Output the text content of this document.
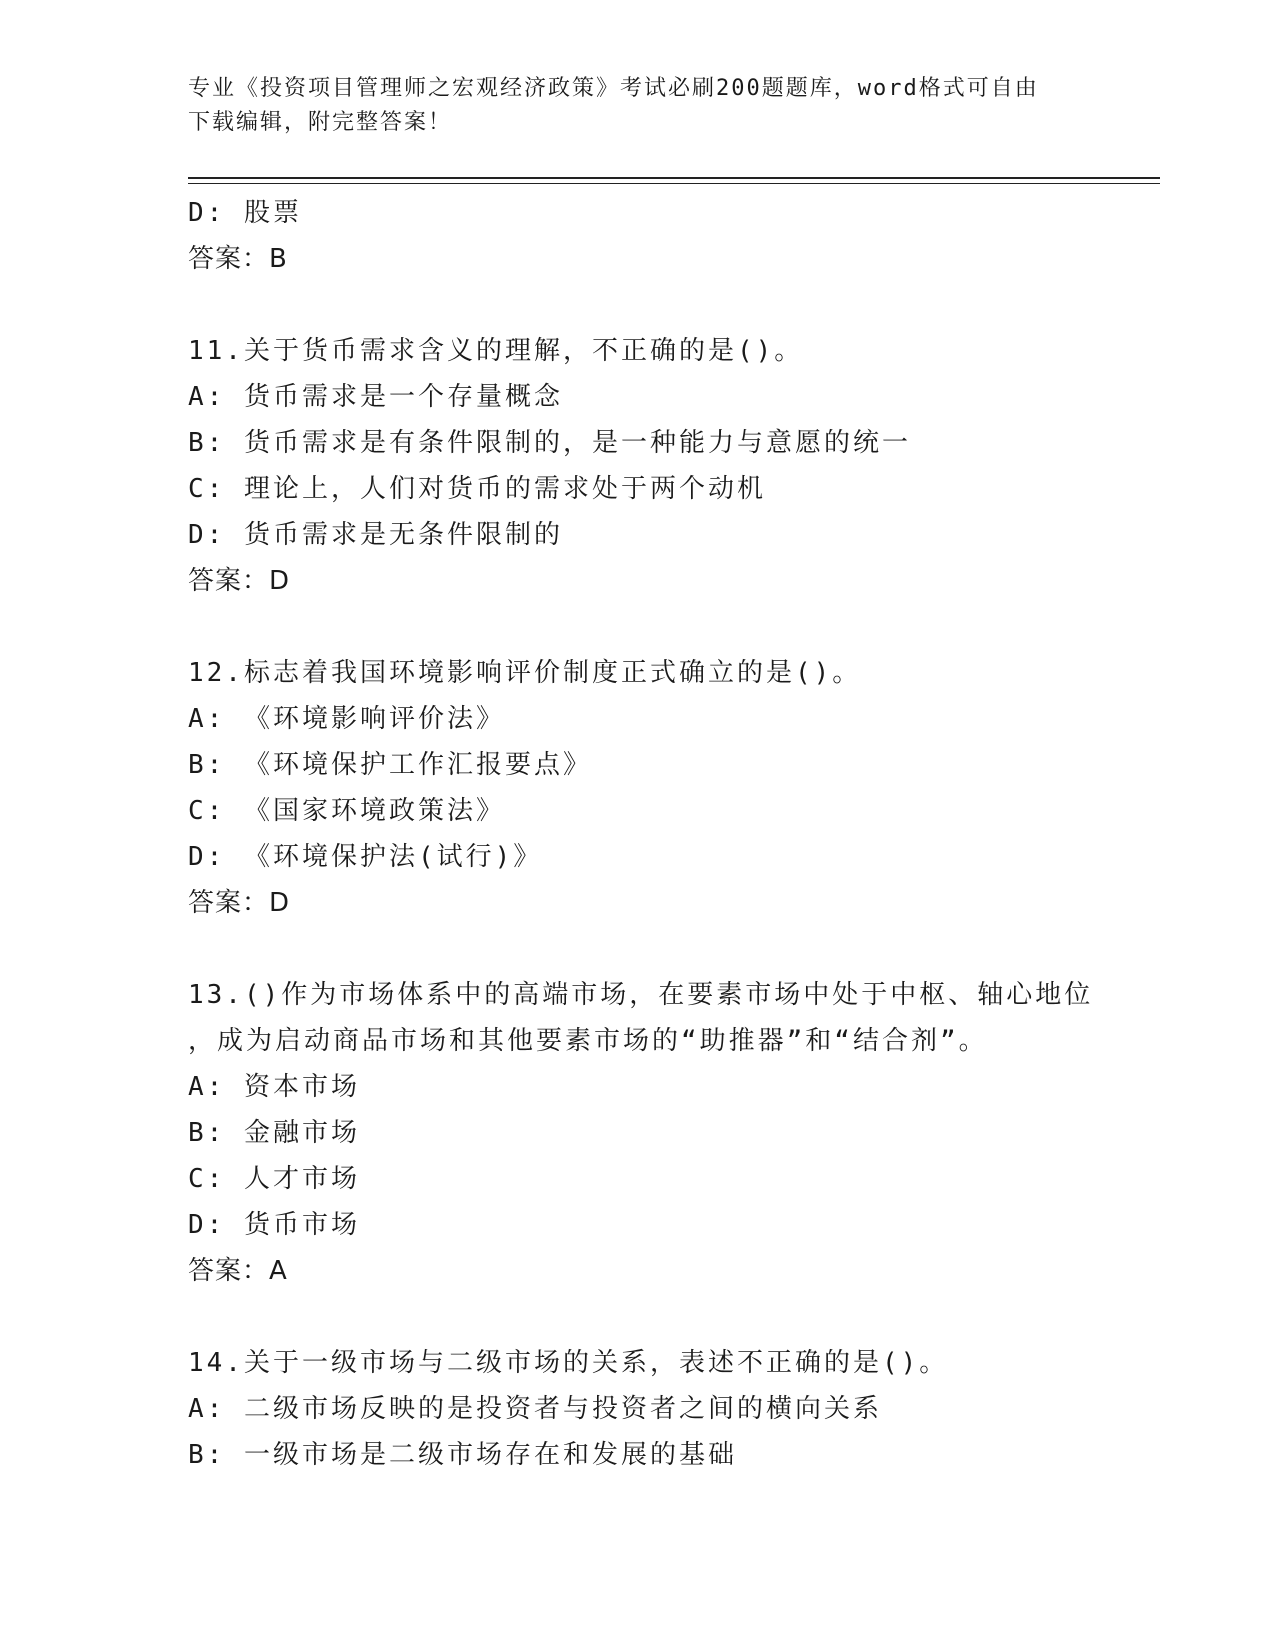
专业《投资项目管理师之宏观经济政策》考试必刷200题题库，word格式可自由
下载编辑，附完整答案！
D: 股票
答案：B
11.关于货币需求含义的理解，不正确的是()。
A: 货币需求是一个存量概念
B: 货币需求是有条件限制的，是一种能力与意愿的统一
C: 理论上，人们对货币的需求处于两个动机
D: 货币需求是无条件限制的
答案：D
12.标志着我国环境影响评价制度正式确立的是()。
A: 《环境影响评价法》
B: 《环境保护工作汇报要点》
C: 《国家环境政策法》
D: 《环境保护法(试行)》
答案：D
13.()作为市场体系中的高端市场，在要素市场中处于中枢、轴心地位
，成为启动商品市场和其他要素市场的“助推器”和“结合剂”。
A: 资本市场
B: 金融市场
C: 人才市场
D: 货币市场
答案：A
14.关于一级市场与二级市场的关系，表述不正确的是()。
A: 二级市场反映的是投资者与投资者之间的横向关系
B: 一级市场是二级市场存在和发展的基础
